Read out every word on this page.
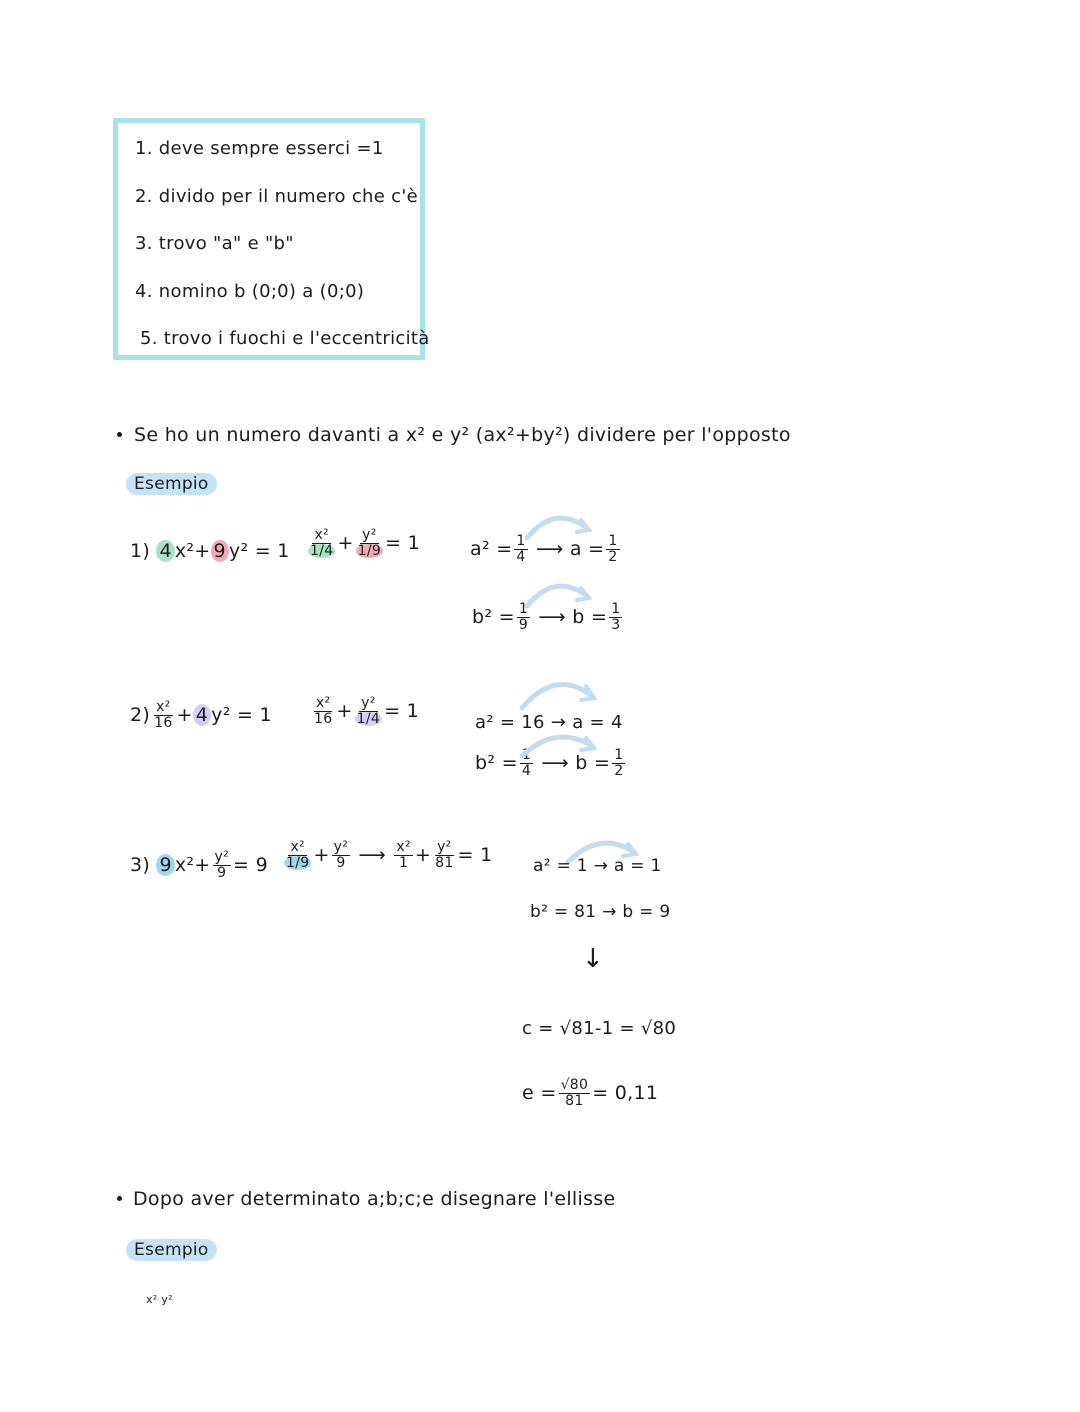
1. deve sempre esserci =1
2. divido per il numero che c'è
3. trovo "a" e "b"
4. nomino b (0;0) a (0;0)
5. trovo i fuochi e l'eccentricità
Se ho un numero davanti a x² e y² (ax²+by²) dividere per l'opposto
Esempio
1)
4 x²+ 9 y²
= $1 \frac{\text{x²}}{1/4} + \frac{\text{y²}}{1/9} = 1$	$a^2 = \frac{1}{4}$ ⟶ $a = \frac{1}{2}$
$b^2 = \frac{1}{9}$ ⟶ $b = \frac{1}{3}$
$2) \frac{\text{x²}}{16} + 4$ y²
= 1	$\frac{\text{x²}}{16} + \frac{\text{y²}}{1/4} = 1$
a² = 16 → a = 4
$b^2 = \frac{1}{4}$ ⟶ $b = \frac{1}{2}$
3)
9 $x^2+ \frac{\text{y²}}{9} = 9 \frac{\text{x²}}{1/9} + \frac{\text{y²}}{9}$ ⟶ $\frac{\text{x²}}{1} + \frac{\text{y²}}{81} = 1$ a² = 1 → a = 1
b² = 81 → b = 9
↓
c = √81-1 = √80
$e = \frac{√80}{81} = 0,11$
Dopo aver determinato a;b;c;e disegnare l'ellisse
Esempio
x² y²
